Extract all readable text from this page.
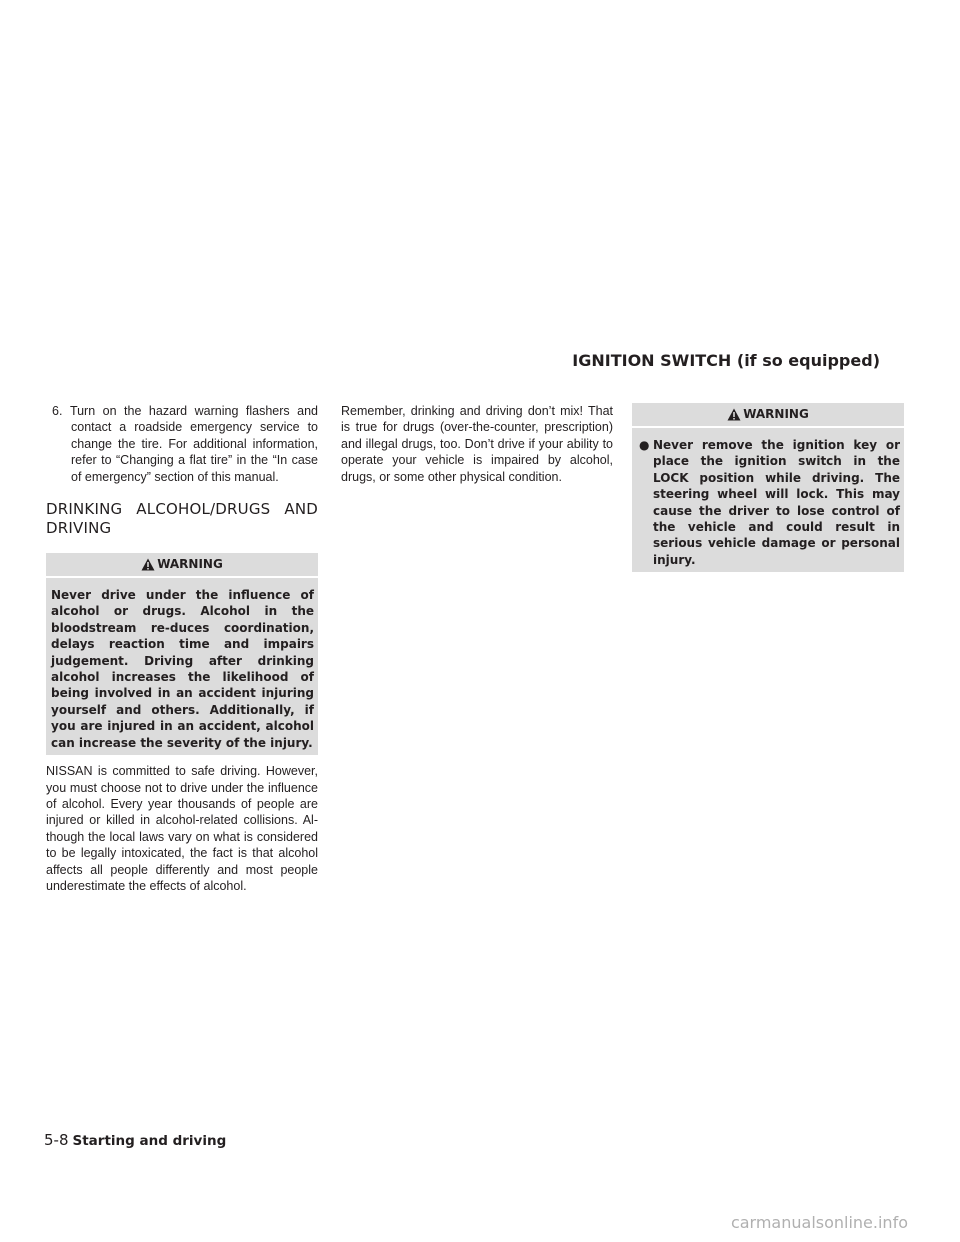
IGNITION SWITCH (if so equipped)

6. Turn on the hazard warning flashers and contact a roadside emergency service to change the tire. For additional information, refer to “Changing a flat tire” in the “In case of emergency” section of this manual.

DRINKING ALCOHOL/DRUGS AND DRIVING
WARNING
Never drive under the influence of alcohol or drugs. Alcohol in the bloodstream re-duces coordination, delays reaction time and impairs judgement. Driving after drinking alcohol increases the likelihood of being involved in an accident injuring yourself and others. Additionally, if you are injured in an accident, alcohol can increase the severity of the injury.

NISSAN is committed to safe driving. However, you must choose not to drive under the influence of alcohol. Every year thousands of people are injured or killed in alcohol-related collisions. Al-though the local laws vary on what is considered to be legally intoxicated, the fact is that alcohol affects all people differently and most people underestimate the effects of alcohol.

Remember, drinking and driving don’t mix! That is true for drugs (over-the-counter, prescription) and illegal drugs, too. Don’t drive if your ability to operate your vehicle is impaired by alcohol, drugs, or some other physical condition.

WARNING
● Never remove the ignition key or place the ignition switch in the LOCK position while driving. The steering wheel will lock. This may cause the driver to lose control of the vehicle and could result in serious vehicle damage or personal injury.
5-8 Starting and driving
carmanualsonline.info
